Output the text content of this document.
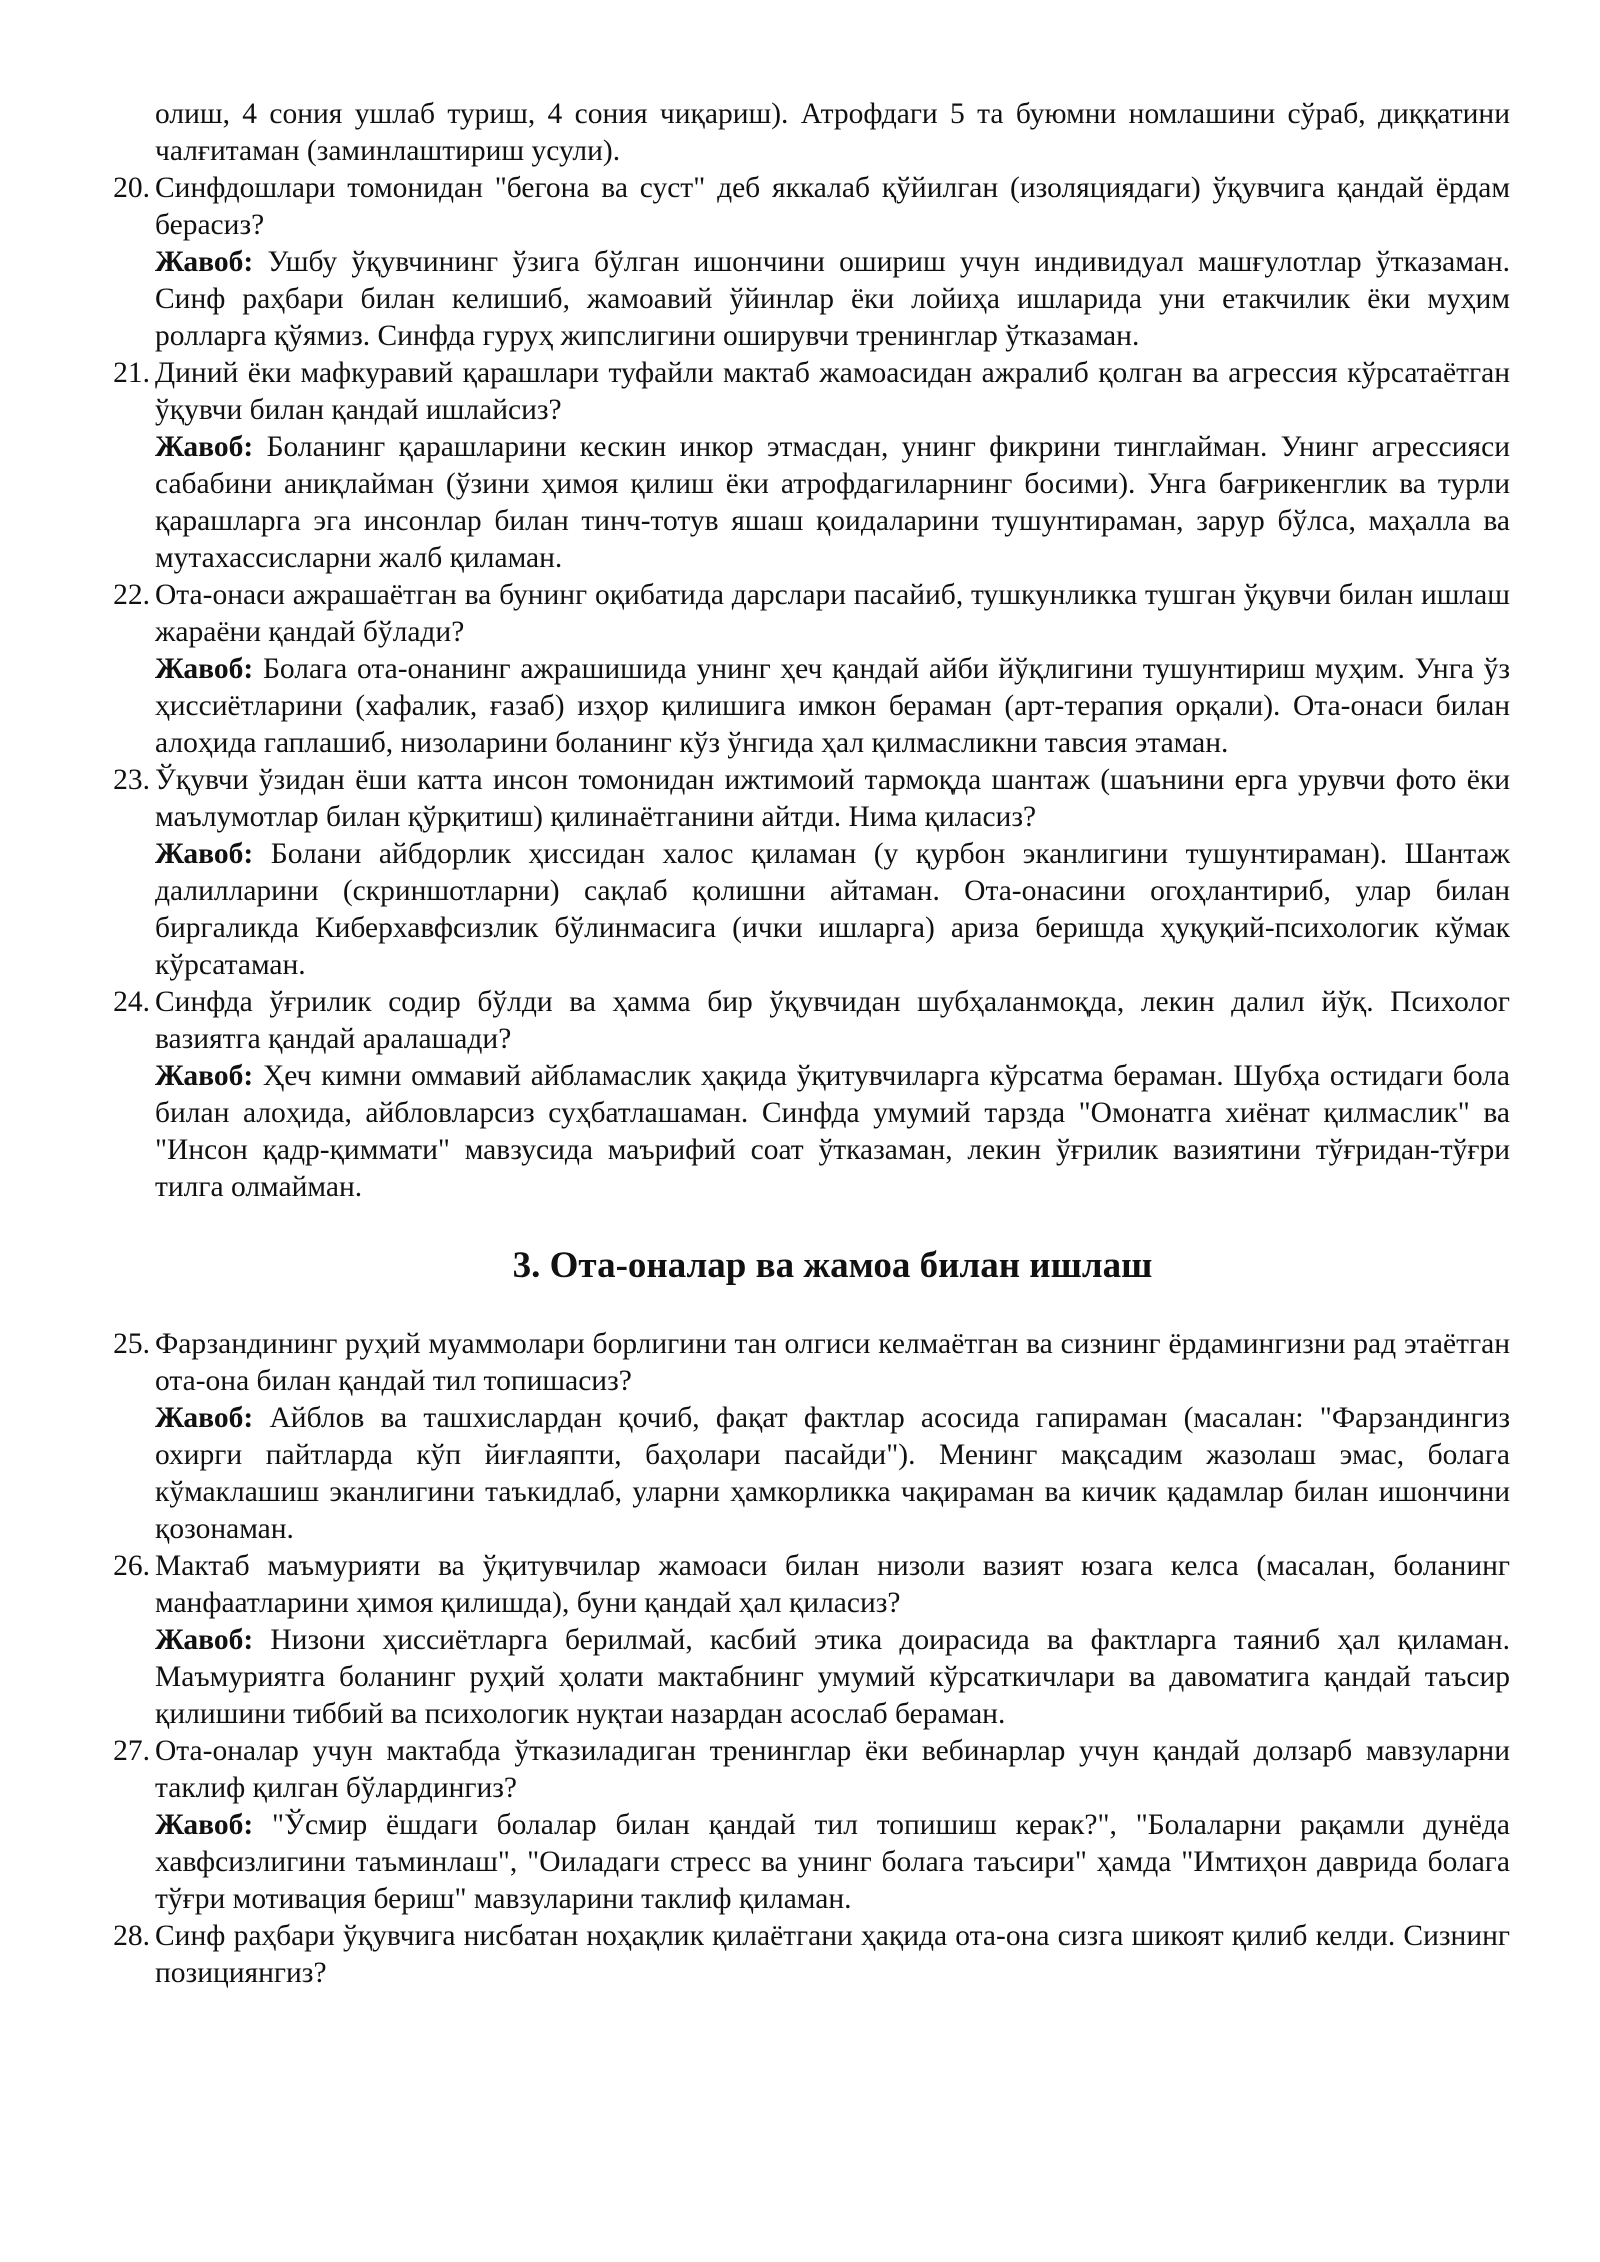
олиш, 4 сония ушлаб туриш, 4 сония чиқариш). Атрофдаги 5 та буюмни номлашини сўраб, диққатини чалғитаман (заминлаштириш усули).

20. Синфдошлари томонидан "бегона ва суст" деб яккалаб қўйилган (изоляциядаги) ўқувчига қандай ёрдам берасиз?

Жавоб: Ушбу ўқувчининг ўзига бўлган ишончини ошириш учун индивидуал машғулотлар ўтказаман. Синф раҳбари билан келишиб, жамоавий ўйинлар ёки лойиҳа ишларида уни етакчилик ёки муҳим ролларга қўямиз. Синфда гуруҳ жипслигини оширувчи тренинглар ўтказаман.

21. Диний ёки мафкуравий қарашлари туфайли мактаб жамоасидан ажралиб қолган ва агрессия кўрсатаётган ўқувчи билан қандай ишлайсиз?

Жавоб: Боланинг қарашларини кескин инкор этмасдан, унинг фикрини тинглайман. Унинг агрессияси сабабини аниқлайман (ўзини ҳимоя қилиш ёки атрофдагиларнинг босими). Унга бағрикенглик ва турли қарашларга эга инсонлар билан тинч-тотув яшаш қоидаларини тушунтираман, зарур бўлса, маҳалла ва мутахассисларни жалб қиламан.

22. Ота-онаси ажрашаётган ва бунинг оқибатида дарслари пасайиб, тушкунликка тушган ўқувчи билан ишлаш жараёни қандай бўлади?

Жавоб: Болага ота-онанинг ажрашишида унинг ҳеч қандай айби йўқлигини тушунтириш муҳим. Унга ўз ҳиссиётларини (хафалик, ғазаб) изҳор қилишига имкон бераман (арт-терапия орқали). Ота-онаси билан алоҳида гаплашиб, низоларини боланинг кўз ўнгида ҳал қилмасликни тавсия этаман.

23. Ўқувчи ўзидан ёши катта инсон томонидан ижтимоий тармоқда шантаж (шаънини ерга урувчи фото ёки маълумотлар билан қўрқитиш) қилинаётганини айтди. Нима қиласиз?

Жавоб: Болани айбдорлик ҳиссидан халос қиламан (у қурбон эканлигини тушунтираман). Шантаж далилларини (скриншотларни) сақлаб қолишни айтаман. Ота-онасини огоҳлантириб, улар билан биргаликда Киберхавфсизлик бўлинмасига (ички ишларга) ариза беришда ҳуқуқий-психологик кўмак кўрсатаман.

24. Синфда ўғрилик содир бўлди ва ҳамма бир ўқувчидан шубҳаланмоқда, лекин далил йўқ. Психолог вазиятга қандай аралашади?

Жавоб: Ҳеч кимни оммавий айбламаслик ҳақида ўқитувчиларга кўрсатма бераман. Шубҳа остидаги бола билан алоҳида, айбловларсиз суҳбатлашаман. Синфда умумий тарзда "Омонатга хиёнат қилмаслик" ва "Инсон қадр-қиммати" мавзусида маърифий соат ўтказаман, лекин ўғрилик вазиятини тўғридан-тўғри тилга олмайман.

3. Ота-оналар ва жамоа билан ишлаш
25. Фарзандининг руҳий муаммолари борлигини тан олгиси келмаётган ва сизнинг ёрдамингизни рад этаётган ота-она билан қандай тил топишасиз?

Жавоб: Айблов ва ташхислардан қочиб, фақат фактлар асосида гапираман (масалан: "Фарзандингиз охирги пайтларда кўп йиғлаяпти, баҳолари пасайди"). Менинг мақсадим жазолаш эмас, болага кўмаклашиш эканлигини таъкидлаб, уларни ҳамкорликка чақираман ва кичик қадамлар билан ишончини қозонаман.

26. Мактаб маъмурияти ва ўқитувчилар жамоаси билан низоли вазият юзага келса (масалан, боланинг манфаатларини ҳимоя қилишда), буни қандай ҳал қиласиз?

Жавоб: Низони ҳиссиётларга берилмай, касбий этика доирасида ва фактларга таяниб ҳал қиламан. Маъмуриятга боланинг руҳий ҳолати мактабнинг умумий кўрсаткичлари ва давоматига қандай таъсир қилишини тиббий ва психологик нуқтаи назардан асослаб бераман.

27. Ота-оналар учун мактабда ўтказиладиган тренинглар ёки вебинарлар учун қандай долзарб мавзуларни таклиф қилган бўлардингиз?

Жавоб: "Ўсмир ёшдаги болалар билан қандай тил топишиш керак?", "Болаларни рақамли дунёда хавфсизлигини таъминлаш", "Оиладаги стресс ва унинг болага таъсири" ҳамда "Имтиҳон даврида болага тўғри мотивация бериш" мавзуларини таклиф қиламан.

28. Синф раҳбари ўқувчига нисбатан ноҳақлик қилаётгани ҳақида ота-она сизга шикоят қилиб келди. Сизнинг позициянгиз?
